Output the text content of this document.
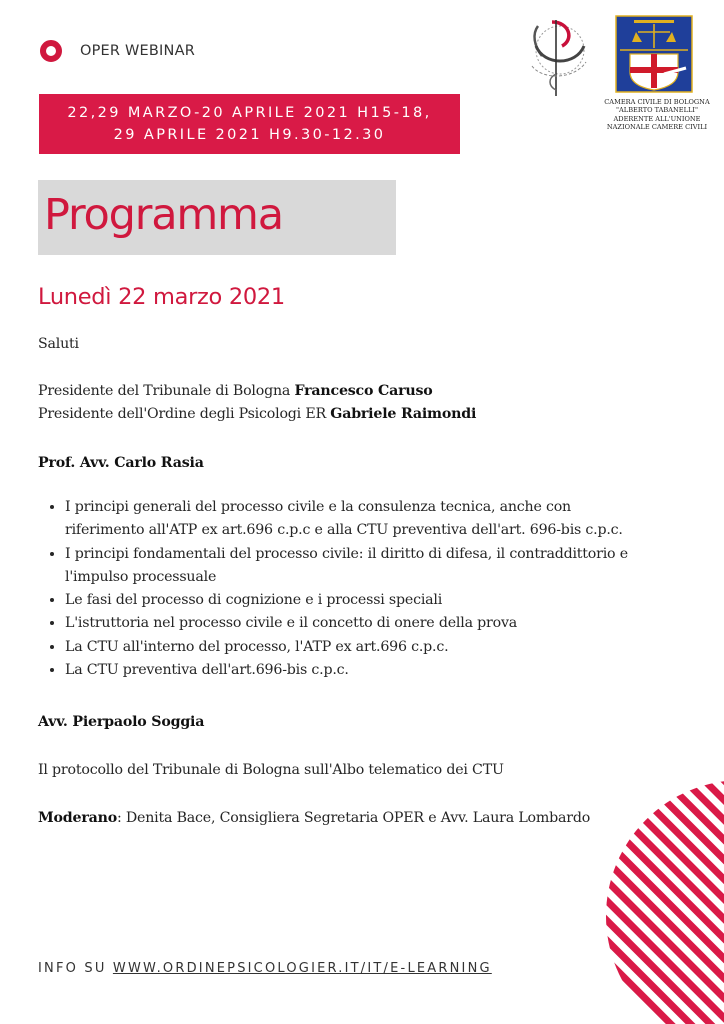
OPER WEBINAR
22,29 MARZO-20 APRILE 2021 H15-18,
29 APRILE 2021 H9.30-12.30
CAMERA CIVILE DI BOLOGNA
"ALBERTO TABANELLI"
ADERENTE ALL'UNIONE
NAZIONALE CAMERE CIVILI
Programma
Lunedì 22 marzo 2021
Saluti
Presidente del Tribunale di Bologna Francesco Caruso
Presidente dell'Ordine degli Psicologi ER Gabriele Raimondi
Prof. Avv. Carlo Rasia
• I principi generali del processo civile e la consulenza tecnica, anche con
riferimento all'ATP ex art.696 c.p.c e alla CTU preventiva dell'art. 696-bis c.p.c.
• I principi fondamentali del processo civile: il diritto di difesa, il contraddittorio e
l'impulso processuale
• Le fasi del processo di cognizione e i processi speciali
• L'istruttoria nel processo civile e il concetto di onere della prova
• La CTU all'interno del processo, l'ATP ex art.696 c.p.c.
• La CTU preventiva dell'art.696-bis c.p.c.
Avv. Pierpaolo Soggia
Il protocollo del Tribunale di Bologna sull'Albo telematico dei CTU
Moderano: Denita Bace, Consigliera Segretaria OPER e Avv. Laura Lombardo
INFO SU WWW.ORDINEPSICOLOGIER.IT/IT/E-LEARNING
